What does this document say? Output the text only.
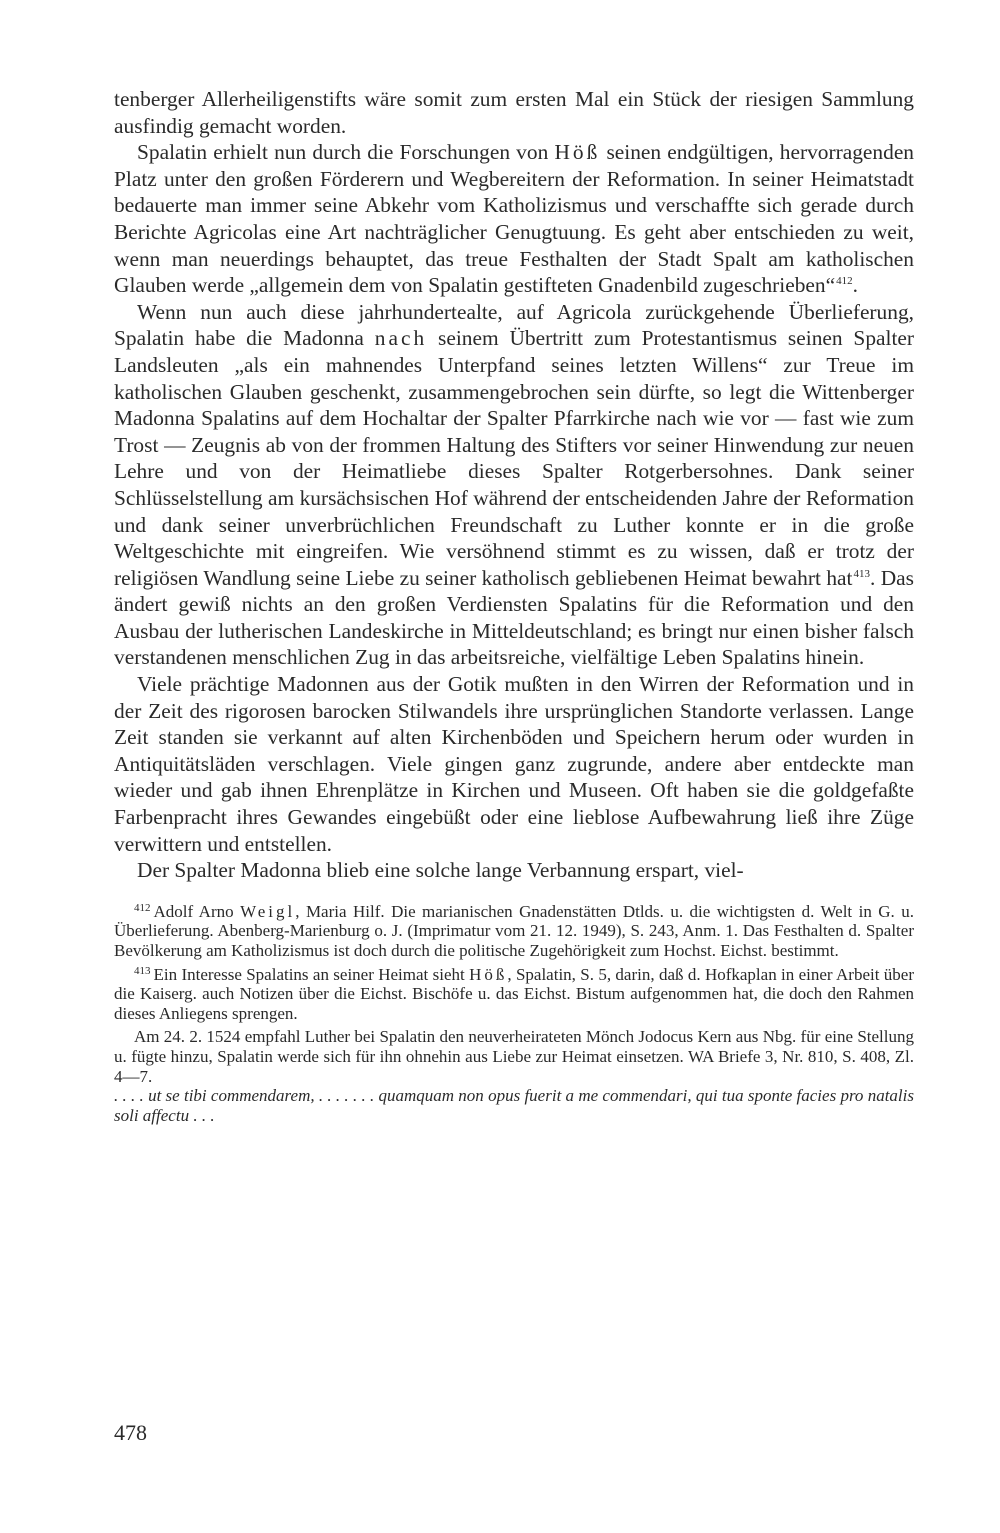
tenberger Allerheiligenstifts wäre somit zum ersten Mal ein Stück der riesigen Sammlung ausfindig gemacht worden.

Spalatin erhielt nun durch die Forschungen von Höß seinen endgültigen, hervorragenden Platz unter den großen Förderern und Wegbereitern der Reformation. In seiner Heimatstadt bedauerte man immer seine Abkehr vom Katholizismus und verschaffte sich gerade durch Berichte Agricolas eine Art nachträglicher Genugtuung. Es geht aber entschieden zu weit, wenn man neuerdings behauptet, das treue Festhalten der Stadt Spalt am katholischen Glauben werde „allgemein dem von Spalatin gestifteten Gnadenbild zugeschrieben“$^{412}$.

Wenn nun auch diese jahrhundertealte, auf Agricola zurückgehende Überlieferung, Spalatin habe die Madonna nach seinem Übertritt zum Protestantismus seinen Spalter Landsleuten „als ein mahnendes Unterpfand seines letzten Willens“ zur Treue im katholischen Glauben geschenkt, zusammengebrochen sein dürfte, so legt die Wittenberger Madonna Spalatins auf dem Hochaltar der Spalter Pfarrkirche nach wie vor — fast wie zum Trost — Zeugnis ab von der frommen Haltung des Stifters vor seiner Hinwendung zur neuen Lehre und von der Heimatliebe dieses Spalter Rotgerbersohnes. Dank seiner Schlüsselstellung am kursächsischen Hof während der entscheidenden Jahre der Reformation und dank seiner unverbrüchlichen Freundschaft zu Luther konnte er in die große Weltgeschichte mit eingreifen. Wie versöhnend stimmt es zu wissen, daß er trotz der religiösen Wandlung seine Liebe zu seiner katholisch gebliebenen Heimat bewahrt hat$^{413}$. Das ändert gewiß nichts an den großen Verdiensten Spalatins für die Reformation und den Ausbau der lutherischen Landeskirche in Mitteldeutschland; es bringt nur einen bisher falsch verstandenen menschlichen Zug in das arbeitsreiche, vielfältige Leben Spalatins hinein.

Viele prächtige Madonnen aus der Gotik mußten in den Wirren der Reformation und in der Zeit des rigorosen barocken Stilwandels ihre ursprünglichen Standorte verlassen. Lange Zeit standen sie verkannt auf alten Kirchenböden und Speichern herum oder wurden in Antiquitätsläden verschlagen. Viele gingen ganz zugrunde, andere aber entdeckte man wieder und gab ihnen Ehrenplätze in Kirchen und Museen. Oft haben sie die goldgefaßte Farbenpracht ihres Gewandes eingebüßt oder eine lieblose Aufbewahrung ließ ihre Züge verwittern und entstellen.

Der Spalter Madonna blieb eine solche lange Verbannung erspart, viel-

$^{412}$ Adolf Arno Weigl, Maria Hilf. Die marianischen Gnadenstätten Dtlds. u. die wichtigsten d. Welt in G. u. Überlieferung. Abenberg-Marienburg o. J. (Imprimatur vom 21. 12. 1949), S. 243, Anm. 1. Das Festhalten d. Spalter Bevölkerung am Katholizismus ist doch durch die politische Zugehörigkeit zum Hochst. Eichst. bestimmt.

$^{413}$ Ein Interesse Spalatins an seiner Heimat sieht Höß, Spalatin, S. 5, darin, daß d. Hofkaplan in einer Arbeit über die Kaiserg. auch Notizen über die Eichst. Bischöfe u. das Eichst. Bistum aufgenommen hat, die doch den Rahmen dieses Anliegens sprengen.

Am 24. 2. 1524 empfahl Luther bei Spalatin den neuverheirateten Mönch Jodocus Kern aus Nbg. für eine Stellung u. fügte hinzu, Spalatin werde sich für ihn ohnehin aus Liebe zur Heimat einsetzen. WA Briefe 3, Nr. 810, S. 408, Zl. 4—7.

. . . . ut se tibi commendarem, . . . . . . . quamquam non opus fuerit a me commendari, qui tua sponte facies pro natalis soli affectu . . .

478
